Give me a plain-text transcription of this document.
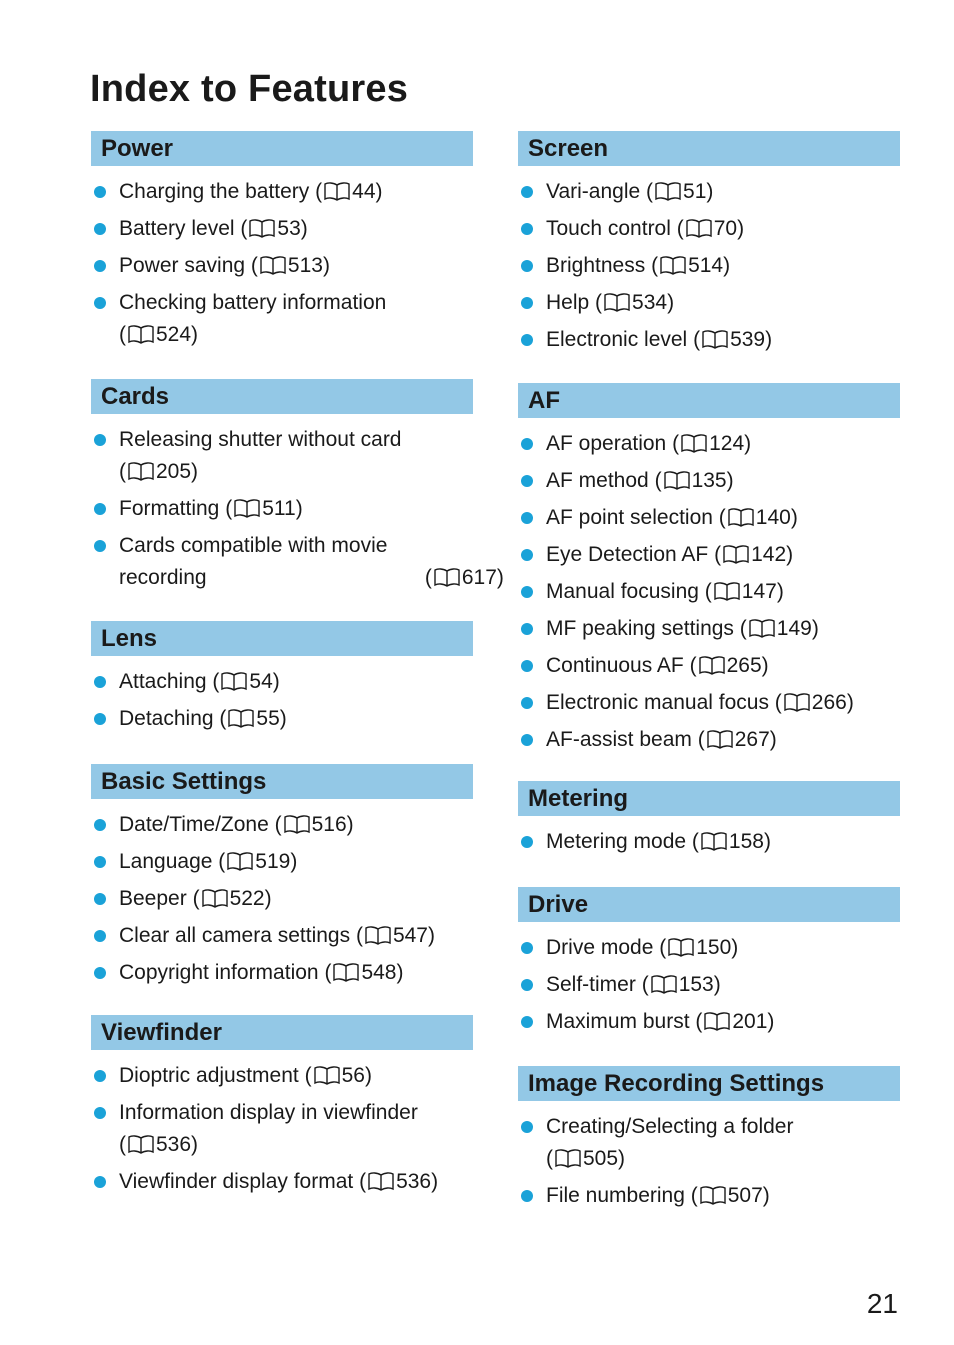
Index to Features
Power
Charging the battery ( 44)
Battery level ( 53)
Power saving ( 513)
Checking battery information
( 524)
Cards
Releasing shutter without card
( 205)
Formatting ( 511)
Cards compatible with movie recording	( 617)
Lens
Attaching ( 54)
Detaching ( 55)
Basic Settings
Date/Time/Zone ( 516)
Language ( 519)
Beeper ( 522)
Clear all camera settings ( 547)
Copyright information ( 548)
Viewfinder
Dioptric adjustment ( 56)
Information display in viewfinder
( 536)
Viewfinder display format ( 536)
Screen
Vari-angle ( 51)
Touch control ( 70)
Brightness ( 514)
Help ( 534)
Electronic level ( 539)
AF
AF operation ( 124)
AF method ( 135)
AF point selection ( 140)
Eye Detection AF ( 142)
Manual focusing ( 147)
MF peaking settings ( 149)
Continuous AF ( 265)
Electronic manual focus ( 266)
AF-assist beam ( 267)
Metering
Metering mode ( 158)
Drive
Drive mode ( 150)
Self-timer ( 153)
Maximum burst ( 201)
Image Recording Settings
Creating/Selecting a folder
( 505)
File numbering ( 507)
21
